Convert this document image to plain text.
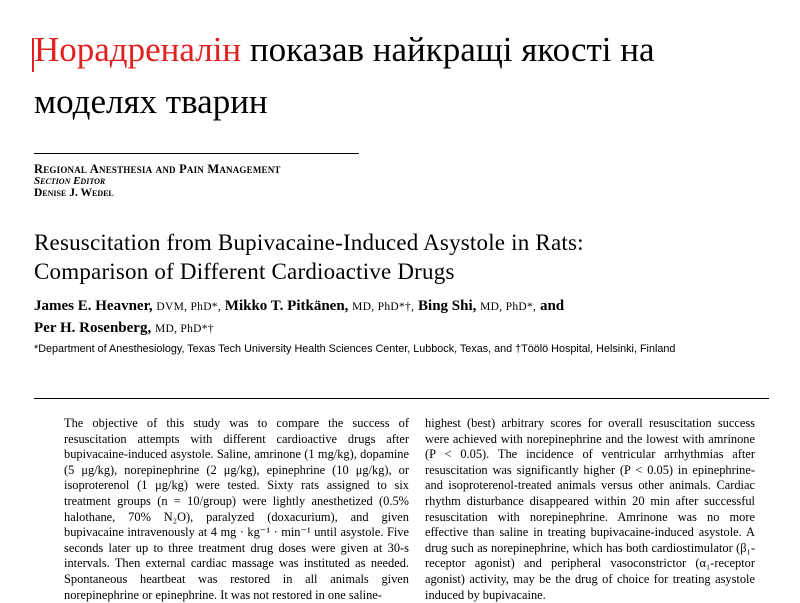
Норадреналін показав найкращі якості на моделях тварин
Regional Anesthesia and Pain Management
Section Editor
Denise J. Wedel
Resuscitation from Bupivacaine-Induced Asystole in Rats:
Comparison of Different Cardioactive Drugs
James E. Heavner, DVM, PhD*, Mikko T. Pitkänen, MD, PhD*†, Bing Shi, MD, PhD*, and
Per H. Rosenberg, MD, PhD*†
*Department of Anesthesiology, Texas Tech University Health Sciences Center, Lubbock, Texas, and †Töölö Hospital, Helsinki, Finland

The objective of this study was to compare the success of resuscitation attempts with different cardioactive drugs after bupivacaine-induced asystole. Saline, amrinone (1 mg/kg), dopamine (5 μg/kg), norepinephrine (2 μg/kg), epinephrine (10 μg/kg), or isoproterenol (1 μg/kg) were tested. Sixty rats assigned to six treatment groups (n = 10/group) were lightly anesthetized (0.5% halothane, 70% N₂O), paralyzed (doxacurium), and given bupivacaine intravenously at 4 mg · kg⁻¹ · min⁻¹ until asystole. Five seconds later up to three treatment drug doses were given at 30-s intervals. Then external cardiac massage was instituted as needed. Spontaneous heartbeat was restored in all animals given norepinephrine or epinephrine. It was not restored in one saline-

highest (best) arbitrary scores for overall resuscitation success were achieved with norepinephrine and the lowest with amrinone (P < 0.05). The incidence of ventricular arrhythmias after resuscitation was significantly higher (P < 0.05) in epinephrine- and isoproterenol-treated animals versus other animals. Cardiac rhythm disturbance disappeared within 20 min after successful resuscitation with norepinephrine. Amrinone was no more effective than saline in treating bupivacaine-induced asystole. A drug such as norepinephrine, which has both cardiostimulator (β₁-receptor agonist) and peripheral vasoconstrictor (α₁-receptor agonist) activity, may be the drug of choice for treating asystole induced by bupivacaine.
